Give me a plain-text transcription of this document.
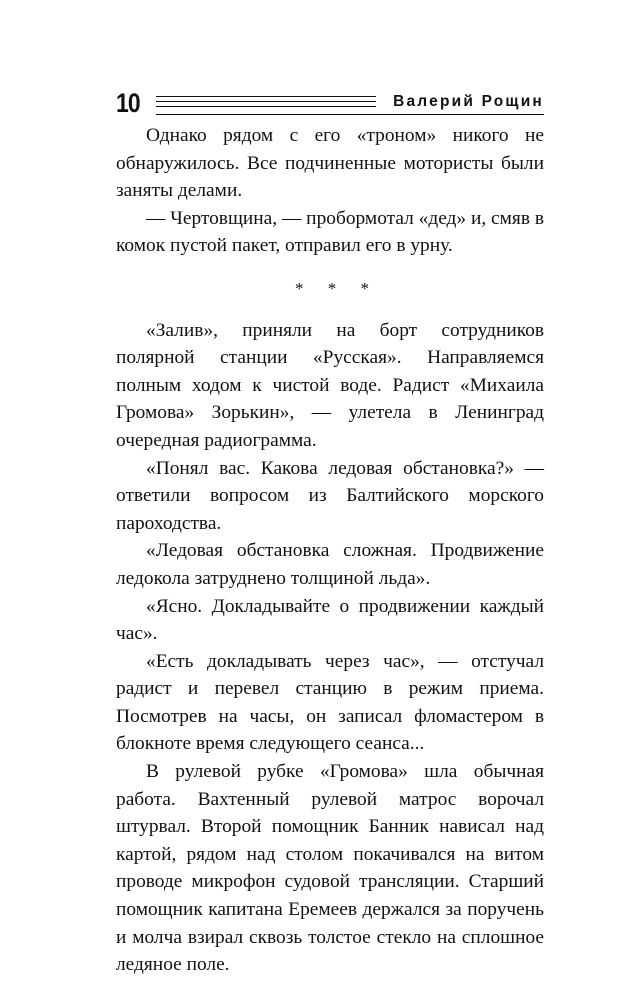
10	Валерий Рощин

Однако рядом с его «троном» никого не обнаружилось. Все подчиненные мотористы были заняты делами.

— Чертовщина, — пробормотал «дед» и, смяв в комок пустой пакет, отправил его в урну.

* * *

«Залив», приняли на борт сотрудников полярной станции «Русская». Направляемся полным ходом к чистой воде. Радист «Михаила Громова» Зорькин», — улетела в Ленинград очередная радиограмма.

«Понял вас. Какова ледовая обстановка?» — ответили вопросом из Балтийского морского пароходства.

«Ледовая обстановка сложная. Продвижение ледокола затруднено толщиной льда».

«Ясно. Докладывайте о продвижении каждый час».

«Есть докладывать через час», — отстучал радист и перевел станцию в режим приема. Посмотрев на часы, он записал фломастером в блокноте время следующего сеанса...

В рулевой рубке «Громова» шла обычная работа. Вахтенный рулевой матрос ворочал штурвал. Второй помощник Банник нависал над картой, рядом над столом покачивался на витом проводе микрофон судовой трансляции. Старший помощник капитана Еремеев держался за поручень и молча взирал сквозь толстое стекло на сплошное ледяное поле.
